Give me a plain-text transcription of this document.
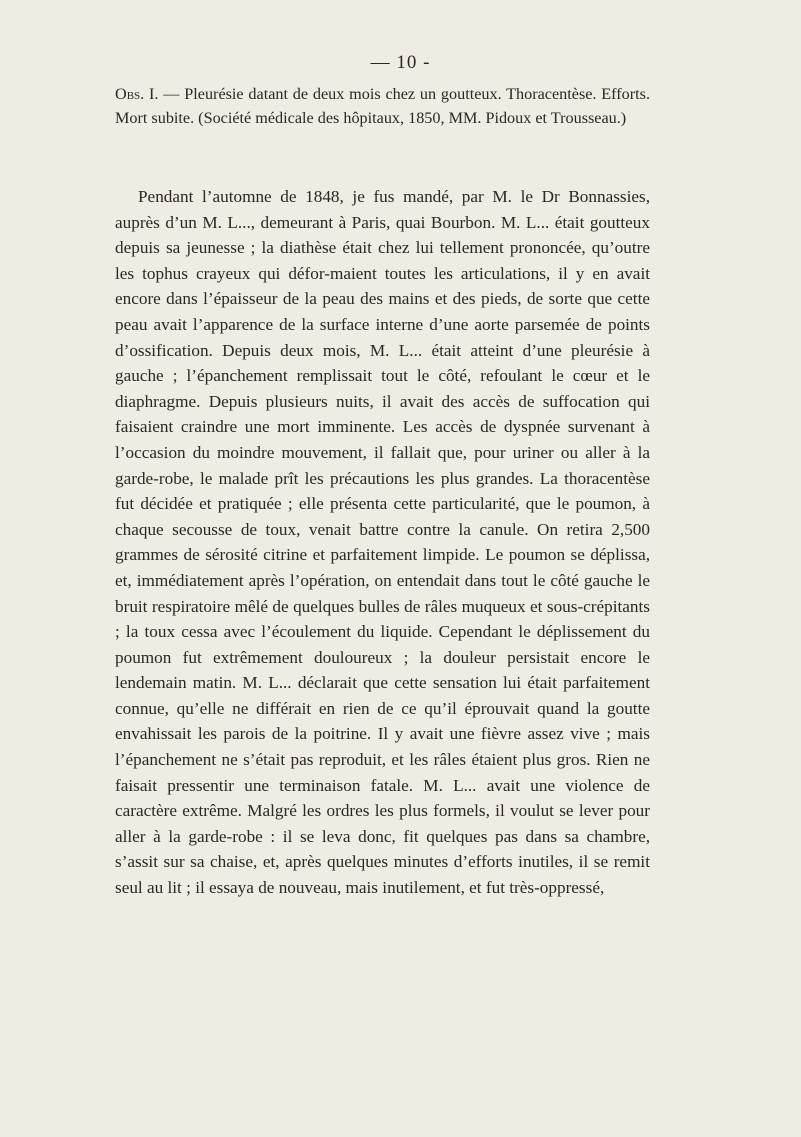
— 10 -

Obs. I. — Pleurésie datant de deux mois chez un goutteux. Thoracentèse. Efforts. Mort subite. (Société médicale des hôpitaux, 1850, MM. Pidoux et Trousseau.)

Pendant l’automne de 1848, je fus mandé, par M. le Dr Bonnassies, auprès d’un M. L..., demeurant à Paris, quai Bourbon. M. L... était goutteux depuis sa jeunesse ; la diathèse était chez lui tellement prononcée, qu’outre les tophus crayeux qui défor-maient toutes les articulations, il y en avait encore dans l’épaisseur de la peau des mains et des pieds, de sorte que cette peau avait l’apparence de la surface interne d’une aorte parsemée de points d’ossification. Depuis deux mois, M. L... était atteint d’une pleurésie à gauche ; l’épanchement remplissait tout le côté, refoulant le cœur et le diaphragme. Depuis plusieurs nuits, il avait des accès de suffocation qui faisaient craindre une mort imminente. Les accès de dyspnée survenant à l’occasion du moindre mouvement, il fallait que, pour uriner ou aller à la garde-robe, le malade prît les précautions les plus grandes. La thoracentèse fut décidée et pratiquée ; elle présenta cette particularité, que le poumon, à chaque secousse de toux, venait battre contre la canule. On retira 2,500 grammes de sérosité citrine et parfaitement limpide. Le poumon se déplissa, et, immédiatement après l’opération, on entendait dans tout le côté gauche le bruit respiratoire mêlé de quelques bulles de râles muqueux et sous-crépitants ; la toux cessa avec l’écoulement du liquide. Cependant le déplissement du poumon fut extrêmement douloureux ; la douleur persistait encore le lendemain matin. M. L... déclarait que cette sensation lui était parfaitement connue, qu’elle ne différait en rien de ce qu’il éprouvait quand la goutte envahissait les parois de la poitrine. Il y avait une fièvre assez vive ; mais l’épanchement ne s’était pas reproduit, et les râles étaient plus gros. Rien ne faisait pressentir une terminaison fatale. M. L... avait une violence de caractère extrême. Malgré les ordres les plus formels, il voulut se lever pour aller à la garde-robe : il se leva donc, fit quelques pas dans sa chambre, s’assit sur sa chaise, et, après quelques minutes d’efforts inutiles, il se remit seul au lit ; il essaya de nouveau, mais inutilement, et fut très-oppressé,
